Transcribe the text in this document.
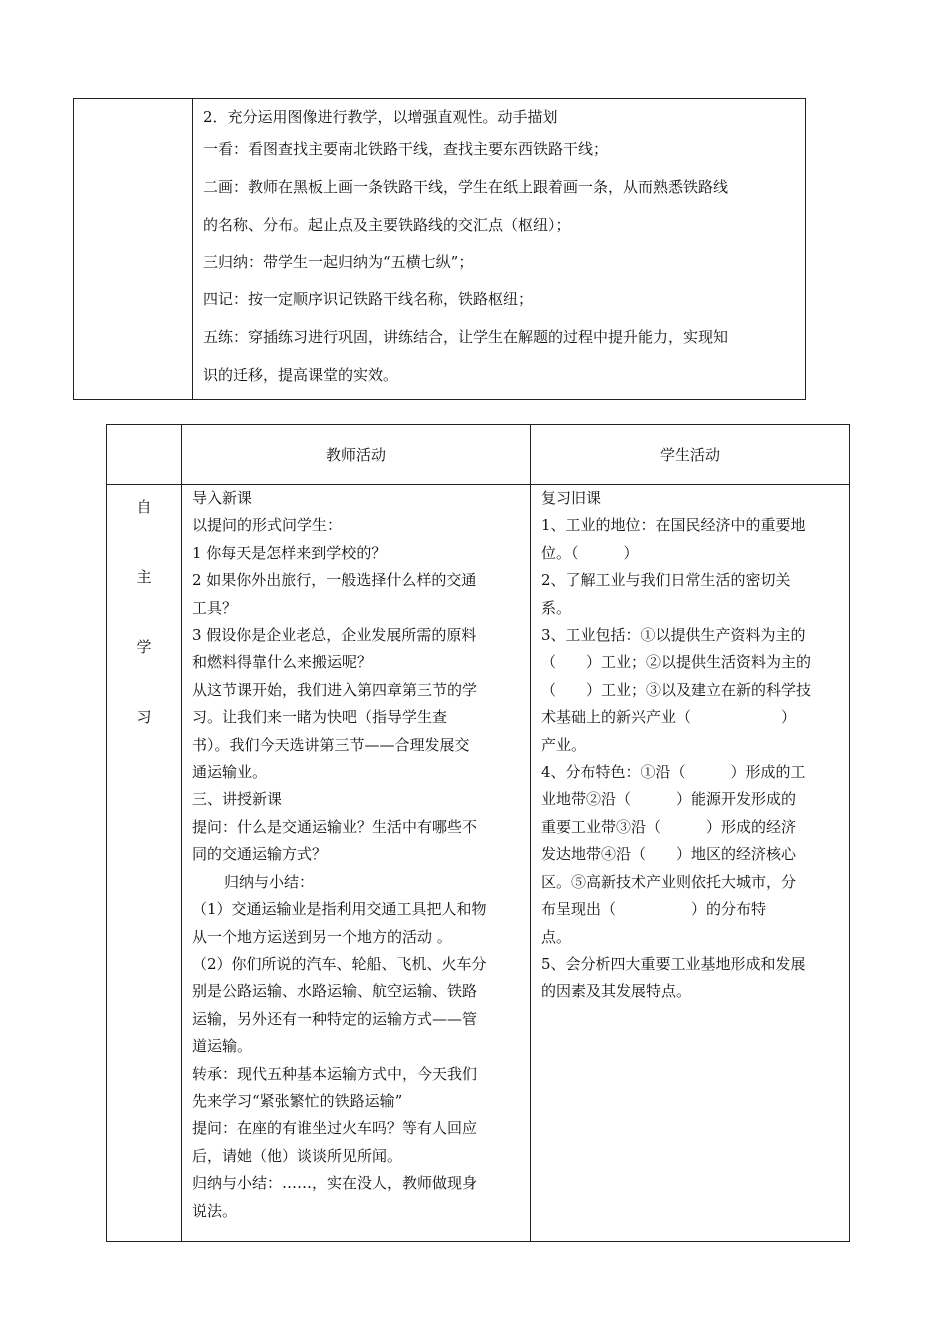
2．充分运用图像进行教学，以增强直观性。动手描划
一看：看图查找主要南北铁路干线，查找主要东西铁路干线；
二画：教师在黑板上画一条铁路干线，学生在纸上跟着画一条，从而熟悉铁路线
的名称、分布。起止点及主要铁路线的交汇点（枢纽）；
三归纳：带学生一起归纳为“五横七纵”；
四记：按一定顺序识记铁路干线名称，铁路枢纽；
五练：穿插练习进行巩固，讲练结合，让学生在解题的过程中提升能力，实现知
识的迁移，提高课堂的实效。
教师活动	学生活动
自
主
学
习
导入新课
以提问的形式问学生：
1 你每天是怎样来到学校的？
2 如果你外出旅行，一般选择什么样的交通
工具？
3 假设你是企业老总，企业发展所需的原料
和燃料得靠什么来搬运呢？
从这节课开始，我们进入第四章第三节的学
习。让我们来一睹为快吧（指导学生查
书）。我们今天选讲第三节——合理发展交
通运输业。
三、讲授新课
提问：什么是交通运输业？生活中有哪些不
同的交通运输方式？
归纳与小结：
（1）交通运输业是指利用交通工具把人和物
从一个地方运送到另一个地方的活动 。
（2）你们所说的汽车、轮船、飞机、火车分
别是公路运输、水路运输、航空运输、铁路
运输，另外还有一种特定的运输方式——管
道运输。
转承：现代五种基本运输方式中，今天我们
先来学习“紧张繁忙的铁路运输”
提问：在座的有谁坐过火车吗？等有人回应
后，请她（他）谈谈所见所闻。
归纳与小结：……，实在没人，教师做现身
说法。
复习旧课
1、工业的地位：在国民经济中的重要地
位。（　　　）
2、了解工业与我们日常生活的密切关
系。
3、工业包括：①以提供生产资料为主的
（　　）工业；②以提供生活资料为主的
（　　）工业；③以及建立在新的科学技
术基础上的新兴产业（　　　　　　）
产业。
4、分布特色：①沿（　　　）形成的工
业地带②沿（　　　）能源开发形成的
重要工业带③沿（　　　）形成的经济
发达地带④沿（　　）地区的经济核心
区。⑤高新技术产业则依托大城市，分
布呈现出（　　　　　）的分布特
点。
5、会分析四大重要工业基地形成和发展
的因素及其发展特点。
